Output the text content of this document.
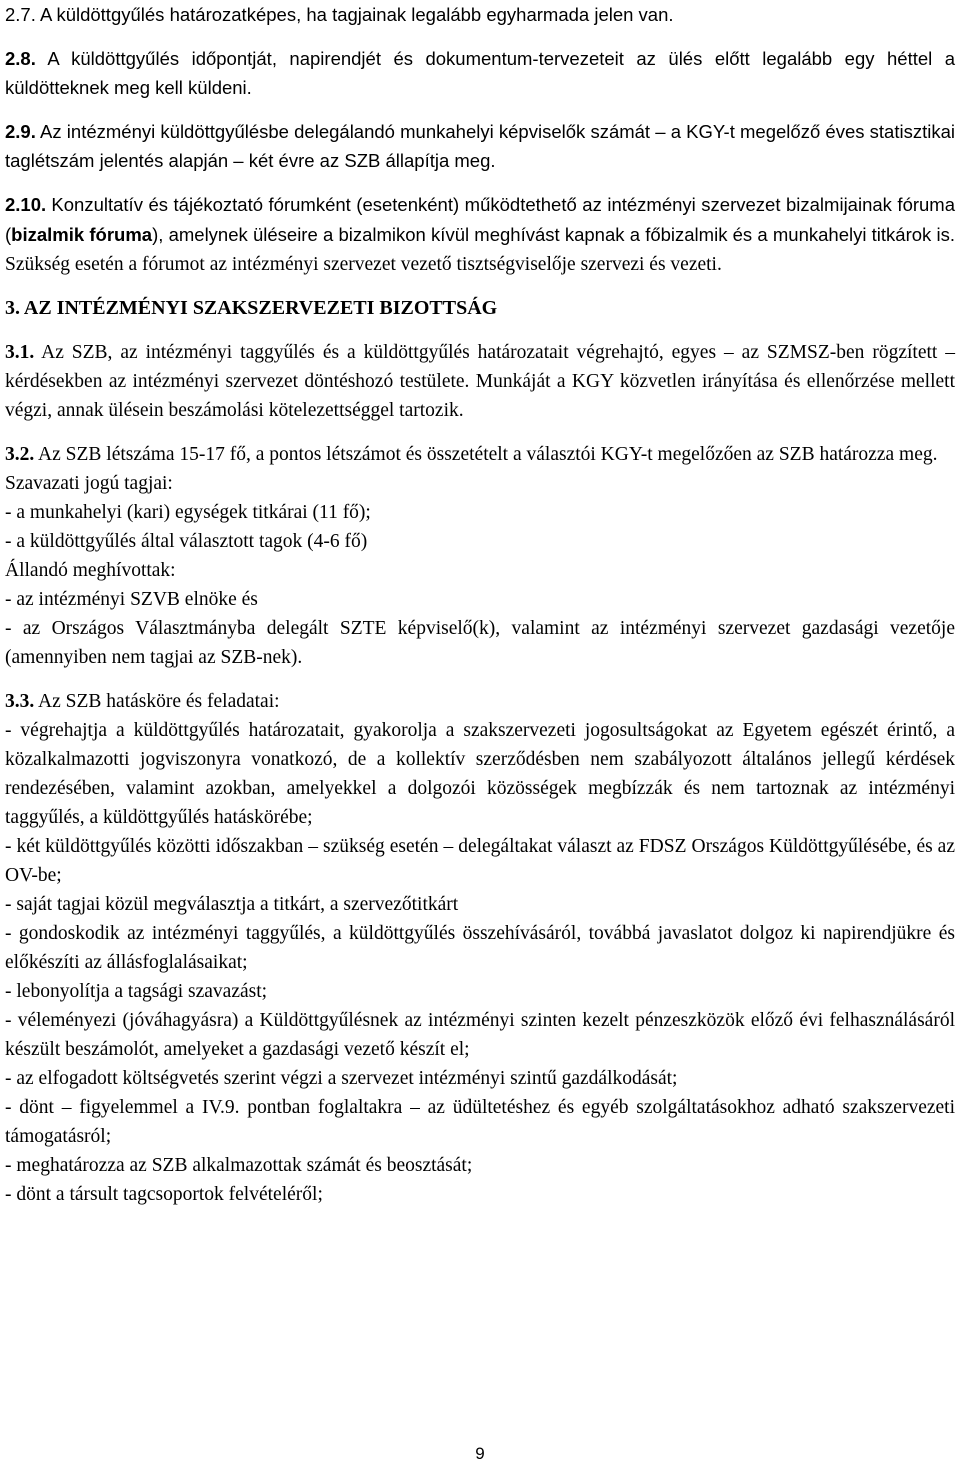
2.7. A küldöttgyűlés határozatképes, ha tagjainak legalább egyharmada jelen van.

2.8. A küldöttgyűlés időpontját, napirendjét és dokumentum-tervezeteit az ülés előtt legalább egy héttel a küldötteknek meg kell küldeni.

2.9. Az intézményi küldöttgyűlésbe delegálandó munkahelyi képviselők számát – a KGY-t megelőző éves statisztikai taglétszám jelentés alapján – két évre az SZB állapítja meg.

2.10. Konzultatív és tájékoztató fórumként (esetenként) működtethető az intézményi szervezet bizalmijainak fóruma (bizalmik fóruma), amelynek üléseire a bizalmikon kívül meghívást kapnak a főbizalmik és a munkahelyi titkárok is. Szükség esetén a fórumot az intézményi szervezet vezető tisztségviselője szervezi és vezeti.

3. AZ INTÉZMÉNYI SZAKSZERVEZETI BIZOTTSÁG

3.1. Az SZB, az intézményi taggyűlés és a küldöttgyűlés határozatait végrehajtó, egyes – az SZMSZ-ben rögzített – kérdésekben az intézményi szervezet döntéshozó testülete. Munkáját a KGY közvetlen irányítása és ellenőrzése mellett végzi, annak ülésein beszámolási kötelezettséggel tartozik.

3.2. Az SZB létszáma 15-17 fő, a pontos létszámot és összetételt a választói KGY-t megelőzően az SZB határozza meg.

Szavazati jogú tagjai:

- a munkahelyi (kari) egységek titkárai (11 fő);

- a küldöttgyűlés által választott tagok (4-6 fő)

Állandó meghívottak:

- az intézményi SZVB elnöke és

- az Országos Választmányba delegált SZTE képviselő(k), valamint az intézményi szervezet gazdasági vezetője (amennyiben nem tagjai az SZB-nek).

3.3. Az SZB hatásköre és feladatai:

- végrehajtja a küldöttgyűlés határozatait, gyakorolja a szakszervezeti jogosultságokat az Egyetem egészét érintő, a közalkalmazotti jogviszonyra vonatkozó, de a kollektív szerződésben nem szabályozott általános jellegű kérdések rendezésében, valamint azokban, amelyekkel a dolgozói közösségek megbízzák és nem tartoznak az intézményi taggyűlés, a küldöttgyűlés hatáskörébe;

- két küldöttgyűlés közötti időszakban – szükség esetén – delegáltakat választ az FDSZ Országos Küldöttgyűlésébe, és az OV-be;

- saját tagjai közül megválasztja a titkárt, a szervezőtitkárt

- gondoskodik az intézményi taggyűlés, a küldöttgyűlés összehívásáról, továbbá javaslatot dolgoz ki napirendjükre és előkészíti az állásfoglalásaikat;

- lebonyolítja a tagsági szavazást;

- véleményezi (jóváhagyásra) a Küldöttgyűlésnek az intézményi szinten kezelt pénzeszközök előző évi felhasználásáról készült beszámolót, amelyeket a gazdasági vezető készít el;

- az elfogadott költségvetés szerint végzi a szervezet intézményi szintű gazdálkodását;

- dönt – figyelemmel a IV.9. pontban foglaltakra – az üdültetéshez és egyéb szolgáltatásokhoz adható szakszervezeti támogatásról;

- meghatározza az SZB alkalmazottak számát és beosztását;

- dönt a társult tagcsoportok felvételéről;

9
